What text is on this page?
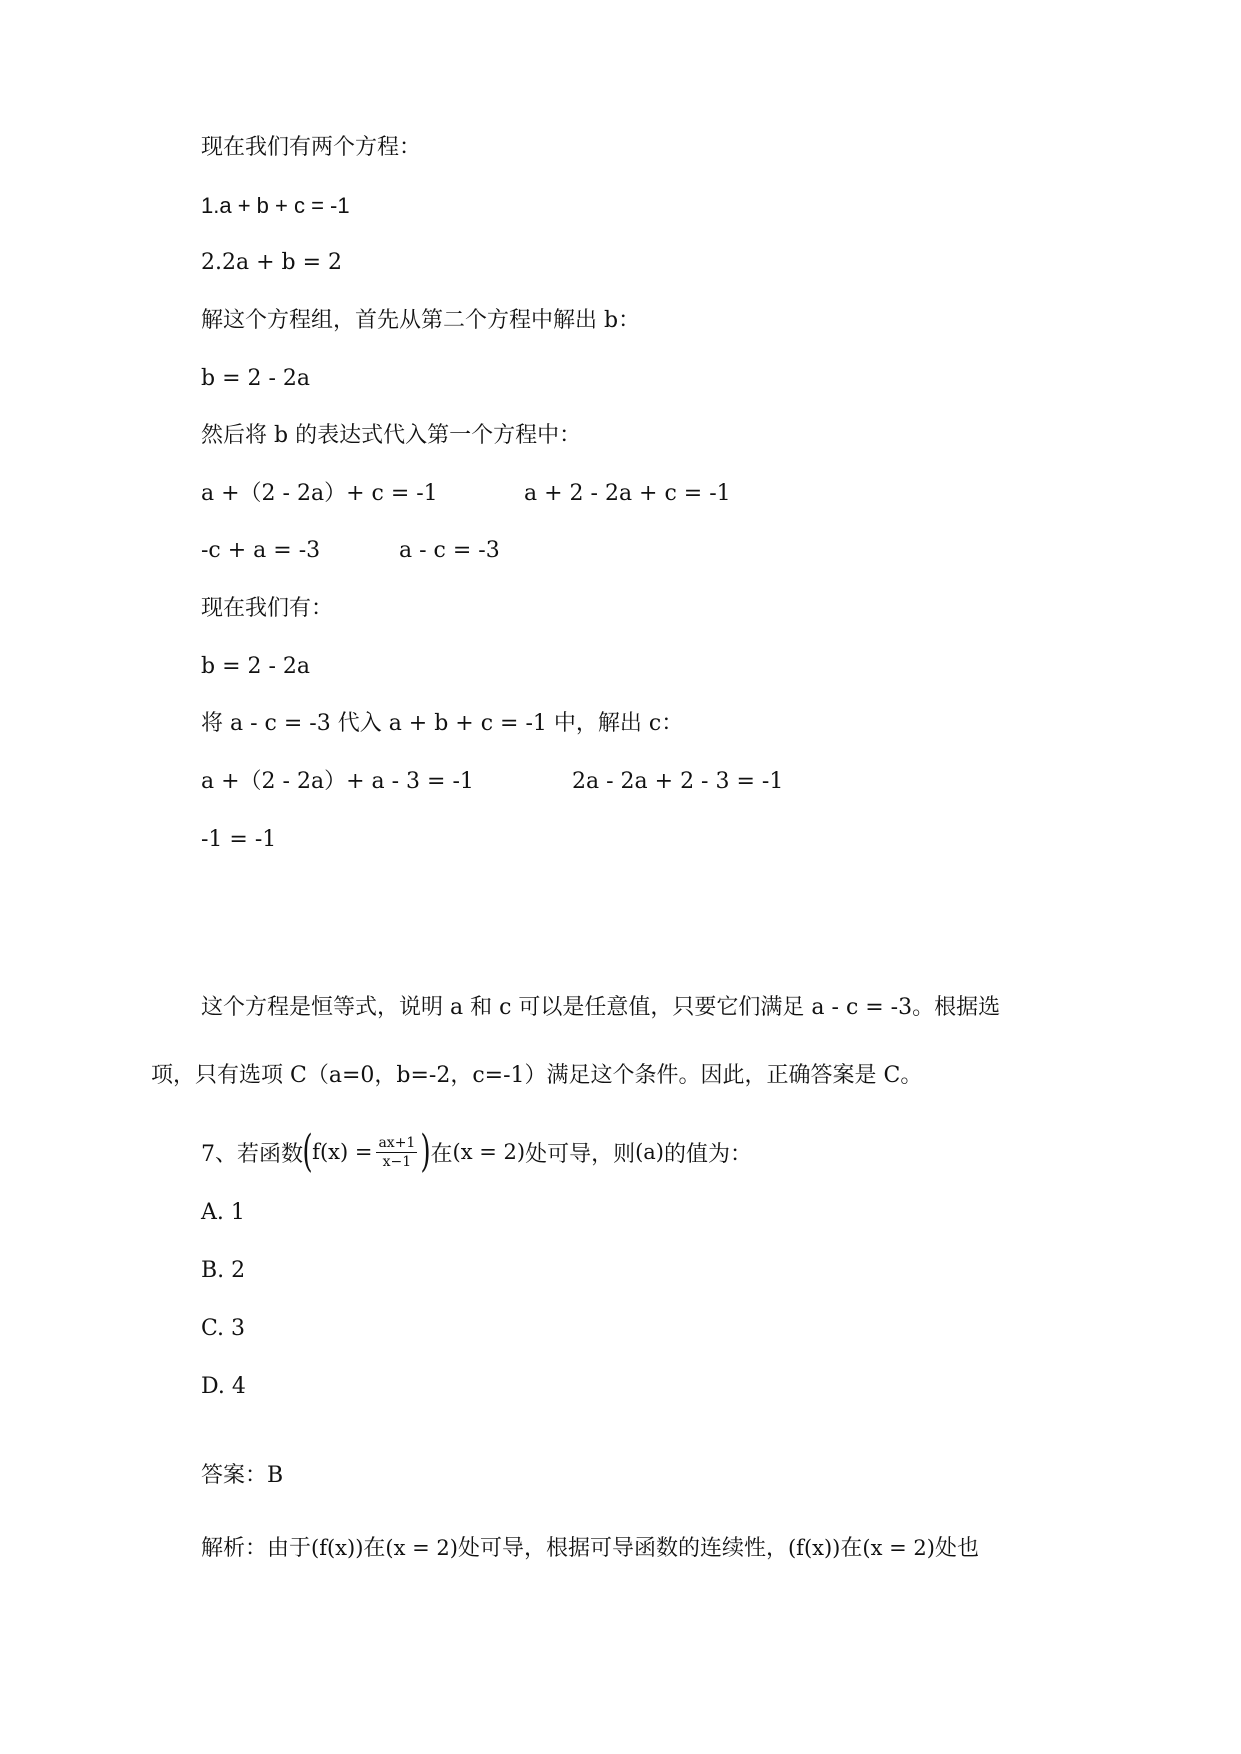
现在我们有两个方程：
1.a + b + c = -1
2.2a + b = 2
解这个方程组，首先从第二个方程中解出 b：
b = 2 - 2a
然后将 b 的表达式代入第一个方程中：
a +（2 - 2a）+ c = -1	a + 2 - 2a + c = -1
-c + a = -3	a - c = -3
现在我们有：
b = 2 - 2a
将 a - c = -3 代入 a + b + c = -1 中，解出 c：
a +（2 - 2a）+ a - 3 = -1	2a - 2a + 2 - 3 = -1
-1 = -1
这个方程是恒等式，说明 a 和 c 可以是任意值，只要它们满足 a - c = -3。根据选
项，只有选项 C（a=0，b=-2，c=-1）满足这个条件。因此，正确答案是 C。
7、若函数 ( $f(x) = \frac{ax+1}{x-1}$ ) 在 (x = 2) 处可导，则 (a) 的值为：
A. 1
B. 2
C. 3
D. 4
答案：B
解析：由于(f(x))在(x = 2)处可导，根据可导函数的连续性，(f(x))在(x = 2)处也
